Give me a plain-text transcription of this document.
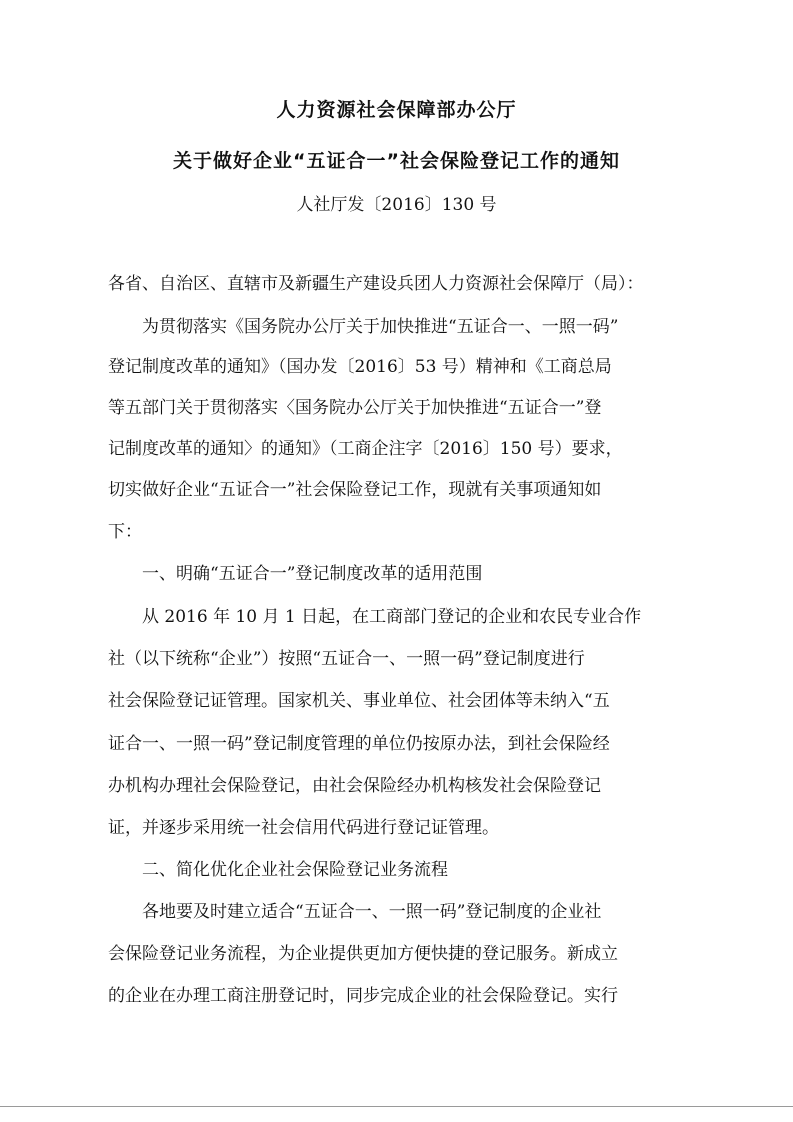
人力资源社会保障部办公厅
关于做好企业“五证合一”社会保险登记工作的通知
人社厅发〔2016〕130 号
各省、自治区、直辖市及新疆生产建设兵团人力资源社会保障厅（局）：
为贯彻落实《国务院办公厅关于加快推进“五证合一、一照一码”
登记制度改革的通知》（国办发〔2016〕53 号）精神和《工商总局
等五部门关于贯彻落实〈国务院办公厅关于加快推进“五证合一”登
记制度改革的通知〉的通知》（工商企注字〔2016〕150 号）要求，
切实做好企业“五证合一”社会保险登记工作，现就有关事项通知如
下：
一、明确“五证合一”登记制度改革的适用范围
从 2016 年 10 月 1 日起，在工商部门登记的企业和农民专业合作
社（以下统称“企业”）按照“五证合一、一照一码”登记制度进行
社会保险登记证管理。国家机关、事业单位、社会团体等未纳入“五
证合一、一照一码”登记制度管理的单位仍按原办法，到社会保险经
办机构办理社会保险登记，由社会保险经办机构核发社会保险登记
证，并逐步采用统一社会信用代码进行登记证管理。
二、简化优化企业社会保险登记业务流程
各地要及时建立适合“五证合一、一照一码”登记制度的企业社
会保险登记业务流程，为企业提供更加方便快捷的登记服务。新成立
的企业在办理工商注册登记时，同步完成企业的社会保险登记。实行
